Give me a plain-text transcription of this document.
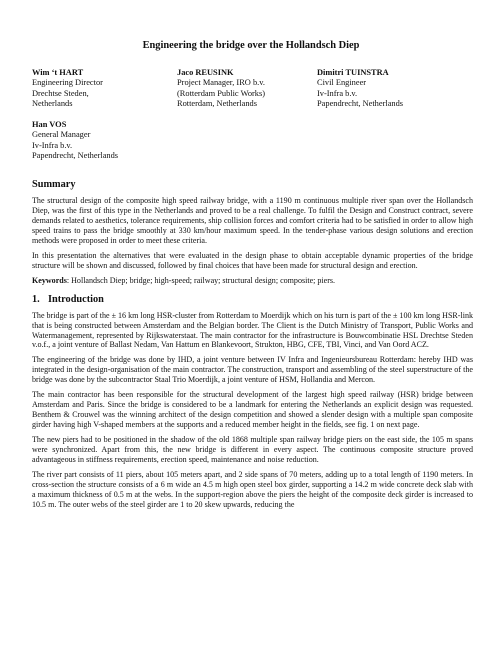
Engineering the bridge over the Hollandsch Diep
Wim ‘t HART
Engineering Director
Drechtse Steden,
Netherlands
Jaco REUSINK
Project Manager, IRO b.v.
(Rotterdam Public Works)
Rotterdam, Netherlands
Dimitri TUINSTRA
Civil Engineer
Iv-Infra b.v.
Papendrecht, Netherlands
Han VOS
General Manager
Iv-Infra b.v.
Papendrecht, Netherlands
Summary

The structural design of the composite high speed railway bridge, with a 1190 m continuous multiple river span over the Hollandsch Diep, was the first of this type in the Netherlands and proved to be a real challenge. To fulfil the Design and Construct contract, severe demands related to aesthetics, tolerance requirements, ship collision forces and comfort criteria had to be satisfied in order to allow high speed trains to pass the bridge smoothly at 330 km/hour maximum speed. In the tender-phase various design solutions and erection methods were proposed in order to meet these criteria.

In this presentation the alternatives that were evaluated in the design phase to obtain acceptable dynamic properties of the bridge structure will be shown and discussed, followed by final choices that have been made for structural design and erection.

Keywords: Hollandsch Diep; bridge; high-speed; railway; structural design; composite; piers.

1. Introduction

The bridge is part of the ± 16 km long HSR-cluster from Rotterdam to Moerdijk which on his turn is part of the ± 100 km long HSR-link that is being constructed between Amsterdam and the Belgian border. The Client is the Dutch Ministry of Transport, Public Works and Watermanagement, represented by Rijkswaterstaat. The main contractor for the infrastructure is Bouwcombinatie HSL Drechtse Steden v.o.f., a joint venture of Ballast Nedam, Van Hattum en Blankevoort, Strukton, HBG, CFE, TBI, Vinci, and Van Oord ACZ.

The engineering of the bridge was done by IHD, a joint venture between IV Infra and Ingenieursbureau Rotterdam: hereby IHD was integrated in the design-organisation of the main contractor. The construction, transport and assembling of the steel superstructure of the bridge was done by the subcontractor Staal Trio Moerdijk, a joint venture of HSM, Hollandia and Mercon.

The main contractor has been responsible for the structural development of the largest high speed railway (HSR) bridge between Amsterdam and Paris. Since the bridge is considered to be a landmark for entering the Netherlands an explicit design was requested. Benthem & Crouwel was the winning architect of the design competition and showed a slender design with a multiple span composite girder having high V-shaped members at the supports and a reduced member height in the fields, see fig. 1 on next page.

The new piers had to be positioned in the shadow of the old 1868 multiple span railway bridge piers on the east side, the 105 m spans were synchronized. Apart from this, the new bridge is different in every aspect. The continuous composite structure proved advantageous in stiffness requirements, erection speed, maintenance and noise reduction.

The river part consists of 11 piers, about 105 meters apart, and 2 side spans of 70 meters, adding up to a total length of 1190 meters. In cross-section the structure consists of a 6 m wide an 4.5 m high open steel box girder, supporting a 14.2 m wide concrete deck slab with a maximum thickness of 0.5 m at the webs. In the support-region above the piers the height of the composite deck girder is increased to 10.5 m. The outer webs of the steel girder are 1 to 20 skew upwards, reducing the
